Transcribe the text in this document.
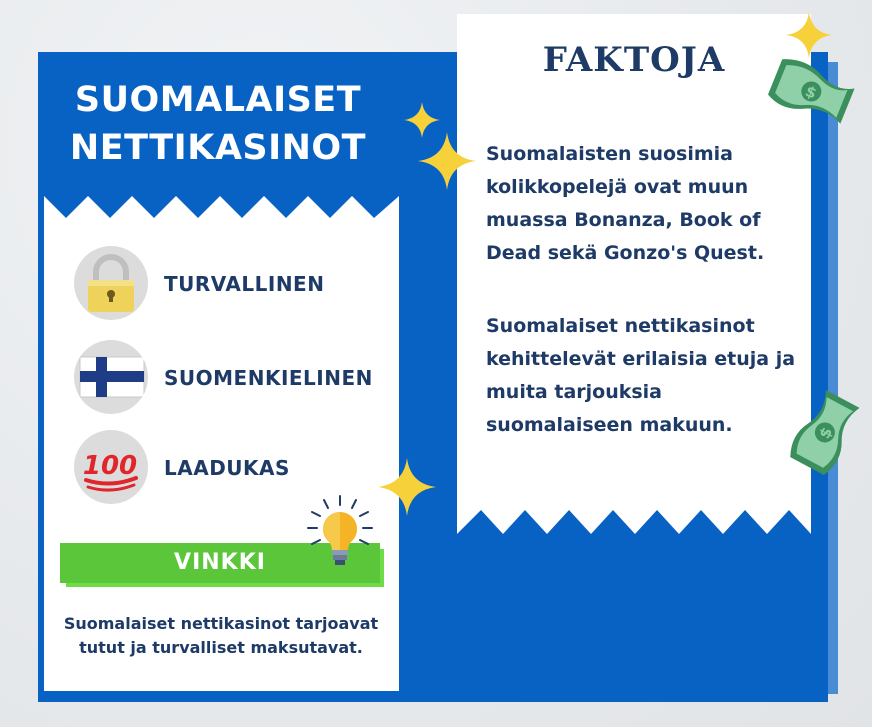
SUOMALAISET
NETTIKASINOT
TURVALLINEN
SUOMENKIELINEN
100 LAADUKAS
VINKKI
Suomalaiset nettikasinot tarjoavat tutut ja turvalliset maksutavat.
FAKTOJA
Suomalaisten suosimia kolikkopelejä ovat muun muassa Bonanza, Book of Dead sekä Gonzo's Quest.
Suomalaiset nettikasinot kehittelevät erilaisia etuja ja muita tarjouksia suomalaiseen makuun.
$
$
